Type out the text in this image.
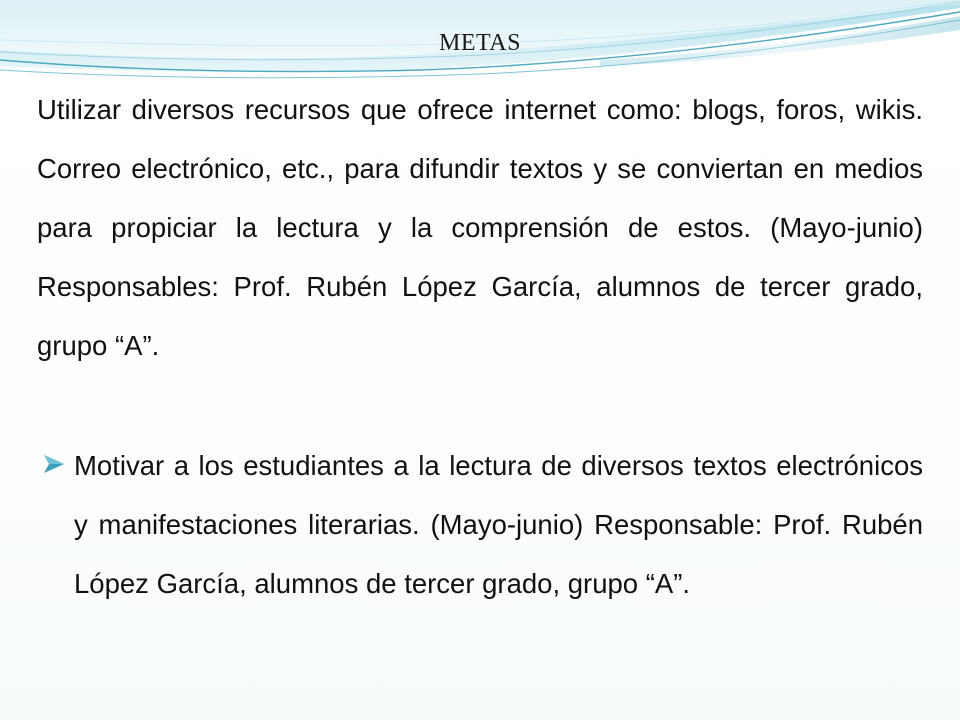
METAS

Utilizar diversos recursos que ofrece internet como: blogs, foros, wikis. Correo electrónico, etc., para difundir textos y se conviertan en medios para propiciar la lectura y la comprensión de estos. (Mayo-junio) Responsables: Prof. Rubén López García, alumnos de tercer grado, grupo “A”.

Motivar a los estudiantes a la lectura de diversos textos electrónicos y manifestaciones literarias. (Mayo-junio) Responsable: Prof. Rubén López García, alumnos de tercer grado, grupo “A”.
